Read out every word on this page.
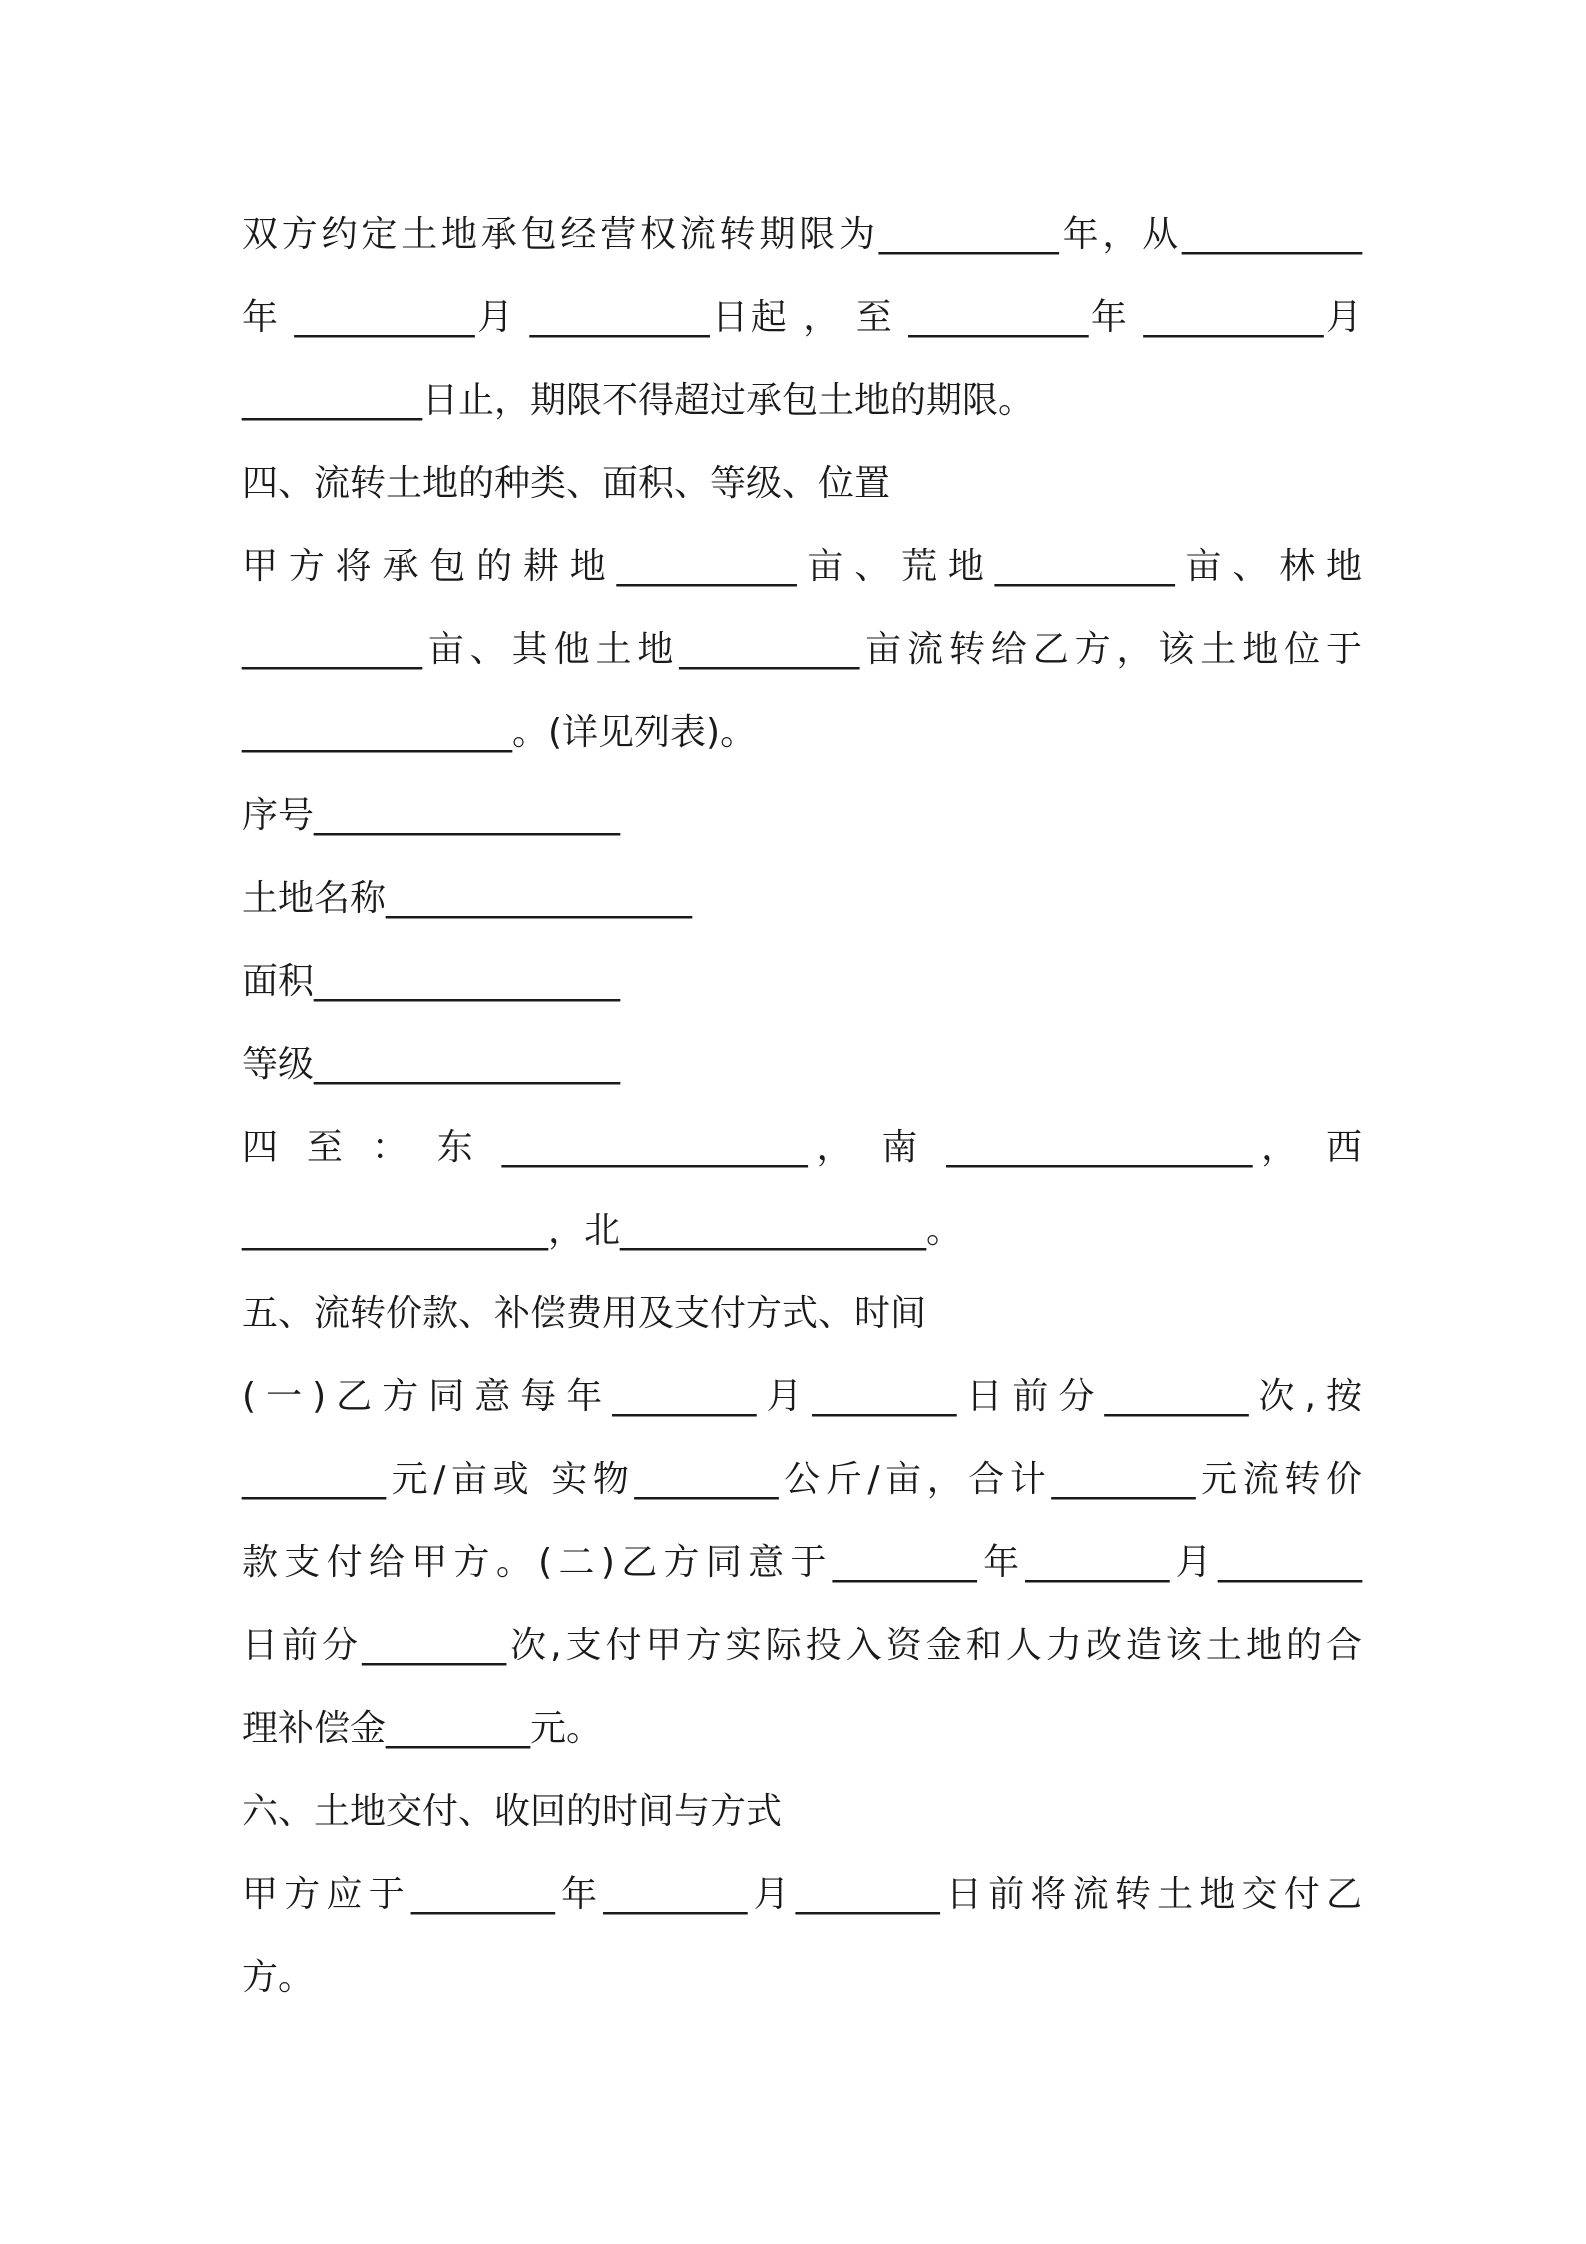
双方约定土地承包经营权流转期限为__________年，从__________
年 __________月 __________日起 ， 至 __________年 __________月
__________日止，期限不得超过承包土地的期限。
四、流转土地的种类、面积、等级、位置
甲方将承包的耕地__________亩、荒地__________亩、林地
__________亩、其他土地__________亩流转给乙方，该土地位于
_______________。(详见列表)。
序号_________________
土地名称_________________
面积_________________
等级_________________
四 至 ： 东 _________________， 南 _________________， 西
_________________，北_________________。
五、流转价款、补偿费用及支付方式、时间
(一)乙方同意每年________月________日前分________次,按
________元/亩或 实物________公斤/亩，合计________元流转价
款支付给甲方。(二)乙方同意于________年________月________
日前分________次,支付甲方实际投入资金和人力改造该土地的合
理补偿金________元。
六、土地交付、收回的时间与方式
甲方应于________年________月________日前将流转土地交付乙
方。
